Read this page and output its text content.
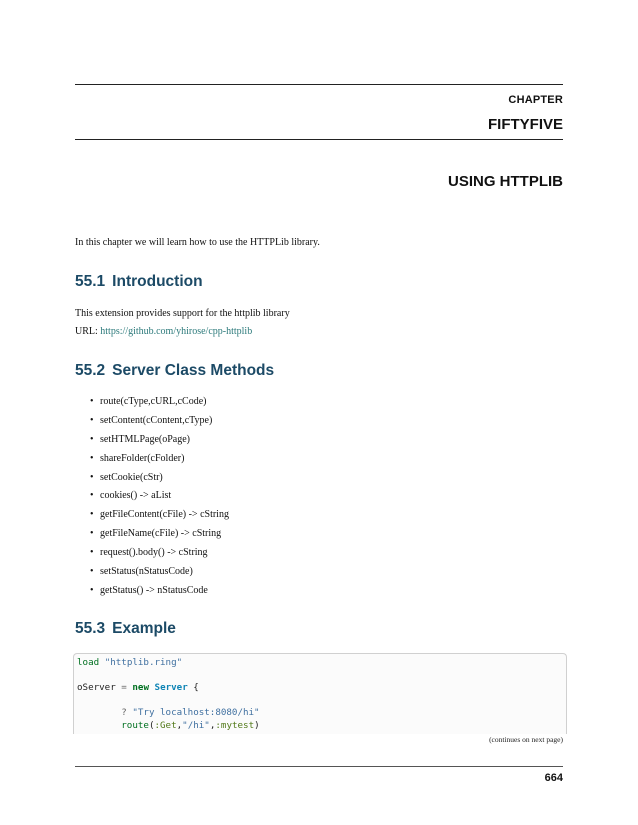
CHAPTER
FIFTYFIVE
USING HTTPLIB
In this chapter we will learn how to use the HTTPLib library.
55.1 Introduction
This extension provides support for the httplib library
URL: https://github.com/yhirose/cpp-httplib
55.2 Server Class Methods
• route(cType,cURL,cCode)
• setContent(cContent,cType)
• setHTMLPage(oPage)
• shareFolder(cFolder)
• setCookie(cStr)
• cookies() -> aList
• getFileContent(cFile) -> cString
• getFileName(cFile) -> cString
• request().body() -> cString
• setStatus(nStatusCode)
• getStatus() -> nStatusCode
55.3 Example
load "httplib.ring"

oServer = new Server {

? "Try localhost:8080/hi"
route(:Get,"/hi",:mytest)
(continues on next page)
664
